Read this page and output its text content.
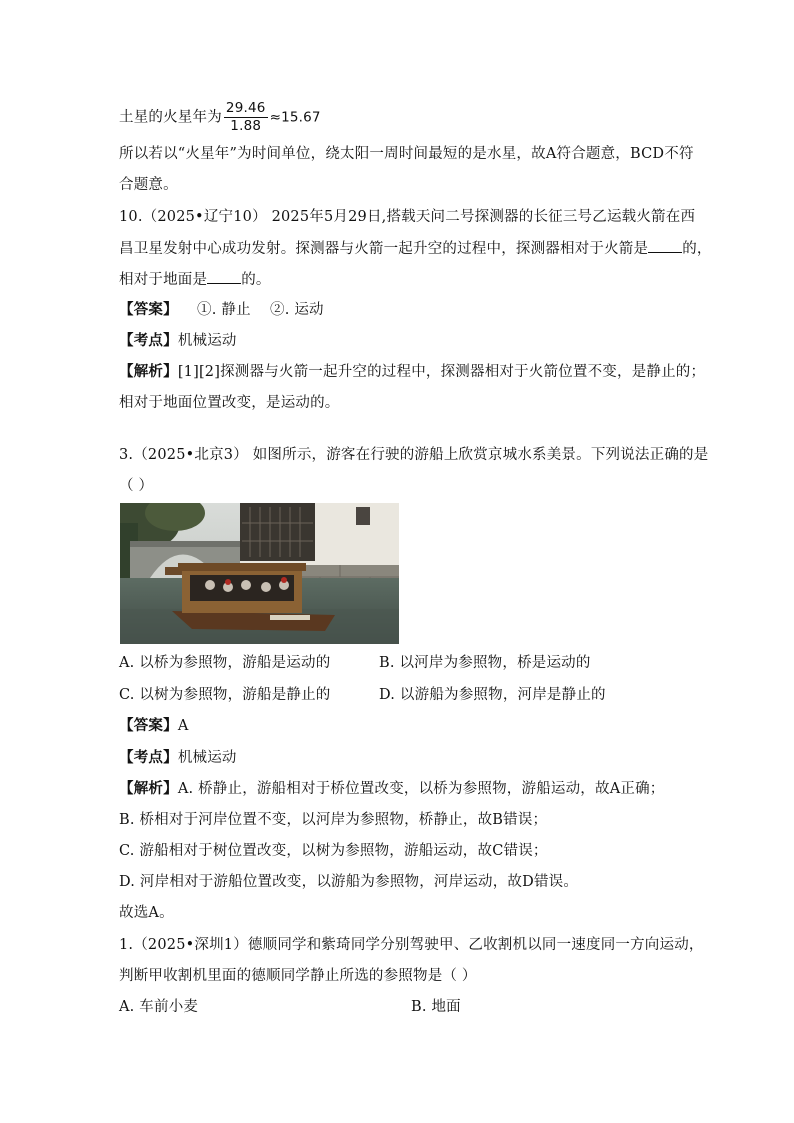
土星的火星年为 $\frac{29.46}{1.88} \approx 15.67$
所以若以“火星年”为时间单位，绕太阳一周时间最短的是水星，故A符合题意，BCD不符
合题意。
10.（2025•辽宁10） 2025年5月29日,搭载天问二号探测器的长征三号乙运载火箭在西
昌卫星发射中心成功发射。探测器与火箭一起升空的过程中，探测器相对于火箭是 的，
相对于地面是 的。
【答案】    ①. 静止    ②. 运动
【考点】机械运动
【解析】[1][2]探测器与火箭一起升空的过程中，探测器相对于火箭位置不变，是静止的；
相对于地面位置改变，是运动的。
3.（2025•北京3） 如图所示，游客在行驶的游船上欣赏京城水系美景。下列说法正确的是
（ ）
A. 以桥为参照物，游船是运动的	B. 以河岸为参照物，桥是运动的
C. 以树为参照物，游船是静止的	D. 以游船为参照物，河岸是静止的
【答案】A
【考点】机械运动
【解析】A. 桥静止，游船相对于桥位置改变，以桥为参照物，游船运动，故A正确；
B. 桥相对于河岸位置不变，以河岸为参照物，桥静止，故B错误；
C. 游船相对于树位置改变，以树为参照物，游船运动，故C错误；
D. 河岸相对于游船位置改变，以游船为参照物，河岸运动，故D错误。
故选A。
1.（2025•深圳1）德顺同学和紫琦同学分别驾驶甲、乙收割机以同一速度同一方向运动，
判断甲收割机里面的德顺同学静止所选的参照物是（ ）
A. 车前小麦	B. 地面
